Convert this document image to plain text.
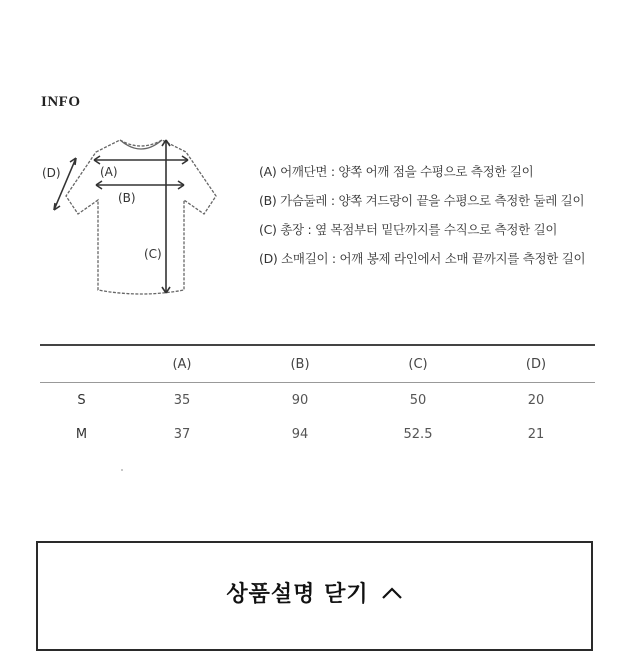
INFO
(A)
(B)
(C)
(D)	(A) 어깨단면 : 양쪽 어깨 점을 수평으로 측정한 길이
(B) 가슴둘레 : 양쪽 겨드랑이 끝을 수평으로 측정한 둘레 길이
(C) 총장 : 옆 목점부터 밑단까지를 수직으로 측정한 길이
(D) 소매길이 : 어깨 봉제 라인에서 소매 끝까지를 측정한 길이
	(A)	(B)	(C)	(D)
S	35	90	50	20
M	37	94	52.5	21
상품설명 닫기
